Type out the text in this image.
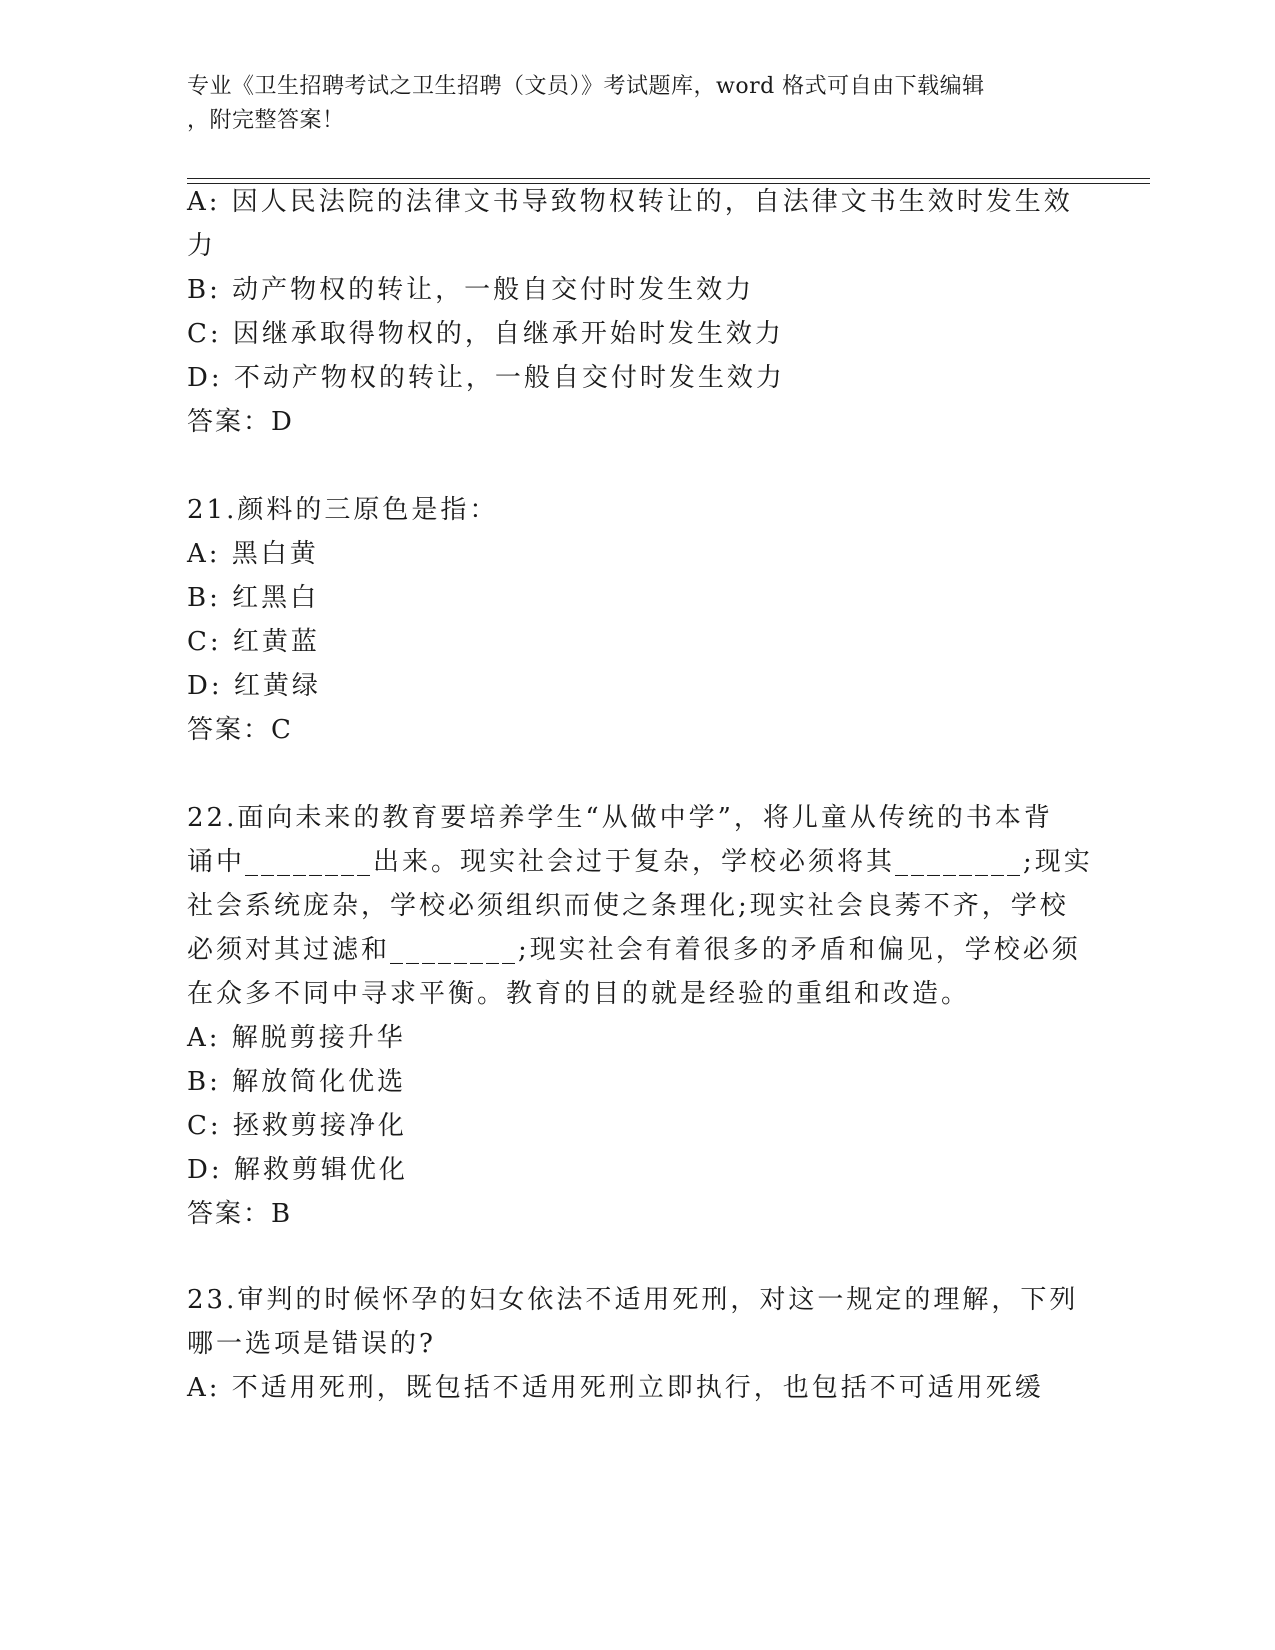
专业《卫生招聘考试之卫生招聘（文员）》考试题库，word 格式可自由下载编辑
，附完整答案！
A: 因人民法院的法律文书导致物权转让的，自法律文书生效时发生效
力
B: 动产物权的转让，一般自交付时发生效力
C: 因继承取得物权的，自继承开始时发生效力
D: 不动产物权的转让，一般自交付时发生效力
答案：D
21.颜料的三原色是指：
A: 黑白黄
B: 红黑白
C: 红黄蓝
D: 红黄绿
答案：C
22.面向未来的教育要培养学生“从做中学”，将儿童从传统的书本背
诵中________出来。现实社会过于复杂，学校必须将其________;现实
社会系统庞杂，学校必须组织而使之条理化;现实社会良莠不齐，学校
必须对其过滤和________;现实社会有着很多的矛盾和偏见，学校必须
在众多不同中寻求平衡。教育的目的就是经验的重组和改造。
A: 解脱剪接升华
B: 解放简化优选
C: 拯救剪接净化
D: 解救剪辑优化
答案：B
23.审判的时候怀孕的妇女依法不适用死刑，对这一规定的理解，下列
哪一选项是错误的?
A: 不适用死刑，既包括不适用死刑立即执行，也包括不可适用死缓
